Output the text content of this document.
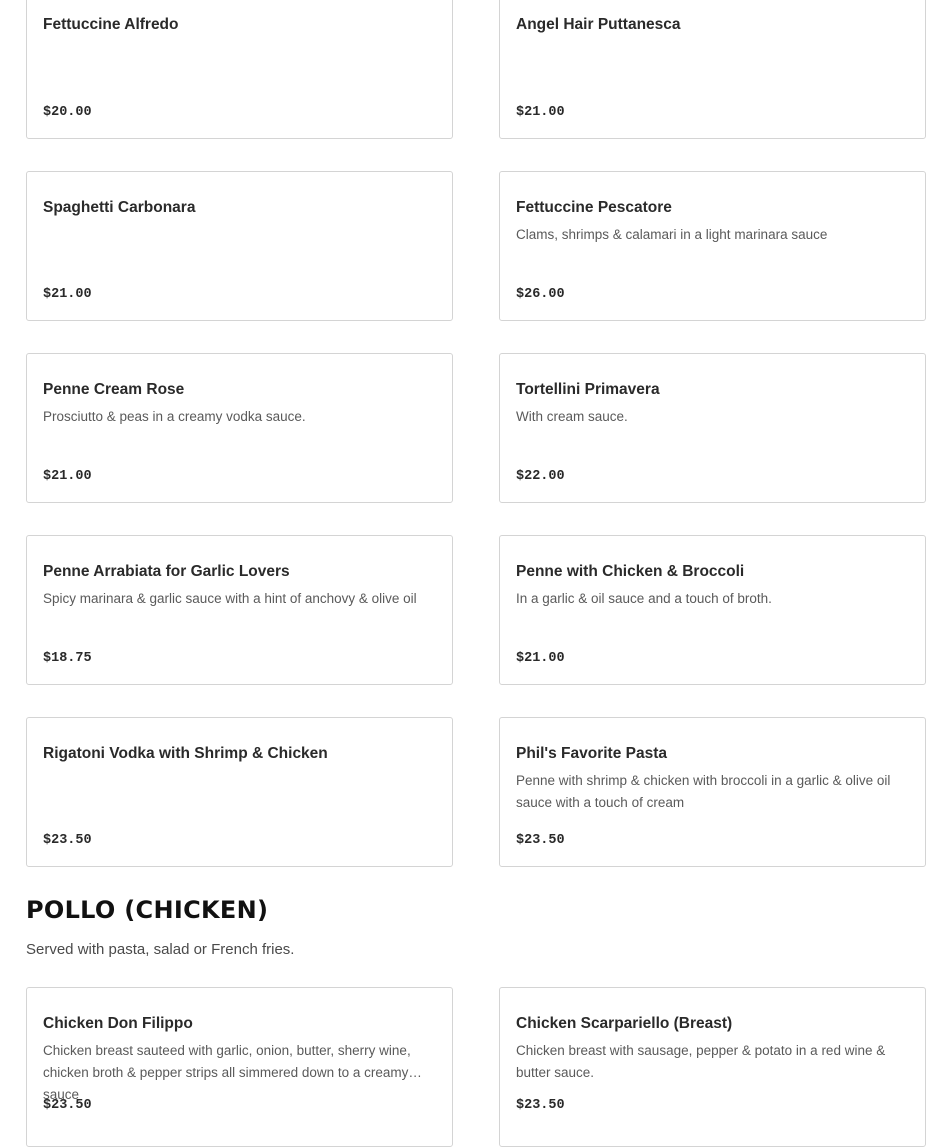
Fettuccine Alfredo

$20.00

Angel Hair Puttanesca

$21.00

Spaghetti Carbonara

$21.00

Fettuccine Pescatore

Clams, shrimps & calamari in a light marinara sauce

$26.00

Penne Cream Rose

Prosciutto & peas in a creamy vodka sauce.

$21.00

Tortellini Primavera

With cream sauce.

$22.00

Penne Arrabiata for Garlic Lovers

Spicy marinara & garlic sauce with a hint of anchovy & olive oil

$18.75

Penne with Chicken & Broccoli

In a garlic & oil sauce and a touch of broth.

$21.00

Rigatoni Vodka with Shrimp & Chicken

$23.50

Phil's Favorite Pasta

Penne with shrimp & chicken with broccoli in a garlic & olive oil sauce with a touch of cream

$23.50

POLLO (CHICKEN)

Served with pasta, salad or French fries.

Chicken Don Filippo

Chicken breast sauteed with garlic, onion, butter, sherry wine, chicken broth & pepper strips all simmered down to a creamy sauce

$23.50

Chicken Scarpariello (Breast)

Chicken breast with sausage, pepper & potato in a red wine & butter sauce.

$23.50
